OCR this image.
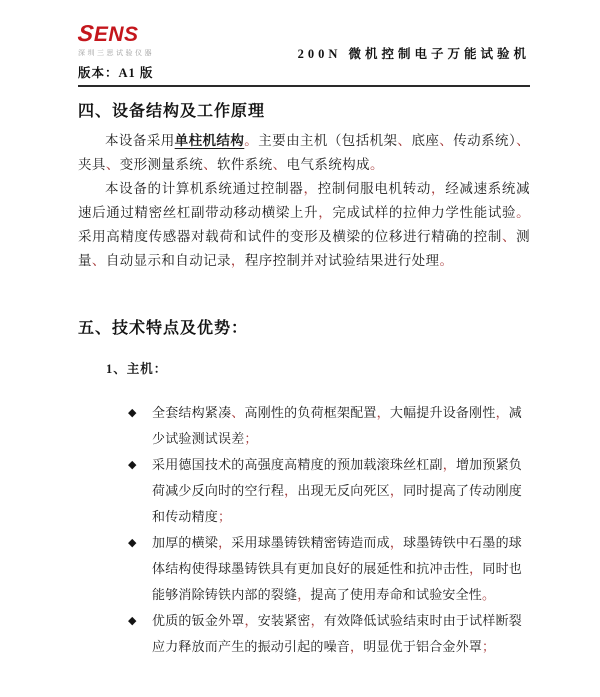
SENS
深圳三思试验仪器
版本：A1 版
200N 微机控制电子万能试验机
四、设备结构及工作原理

本设备采用单柱机结构。主要由主机（包括机架、底座、传动系统）、夹具、变形测量系统、软件系统、电气系统构成。

本设备的计算机系统通过控制器，控制伺服电机转动，经减速系统减速后通过精密丝杠副带动移动横梁上升，完成试样的拉伸力学性能试验。采用高精度传感器对载荷和试件的变形及横梁的位移进行精确的控制、测量、自动显示和自动记录，程序控制并对试验结果进行处理。

五、技术特点及优势：
1、主机：
◆	全套结构紧凑、高刚性的负荷框架配置，大幅提升设备刚性，减少试验测试误差；
◆	采用德国技术的高强度高精度的预加载滚珠丝杠副，增加预紧负荷减少反向时的空行程，出现无反向死区，同时提高了传动刚度和传动精度；
◆	加厚的横梁，采用球墨铸铁精密铸造而成，球墨铸铁中石墨的球体结构使得球墨铸铁具有更加良好的展延性和抗冲击性，同时也能够消除铸铁内部的裂缝，提高了使用寿命和试验安全性。
◆	优质的钣金外罩，安装紧密，有效降低试验结束时由于试样断裂应力释放而产生的振动引起的噪音，明显优于铝合金外罩；
